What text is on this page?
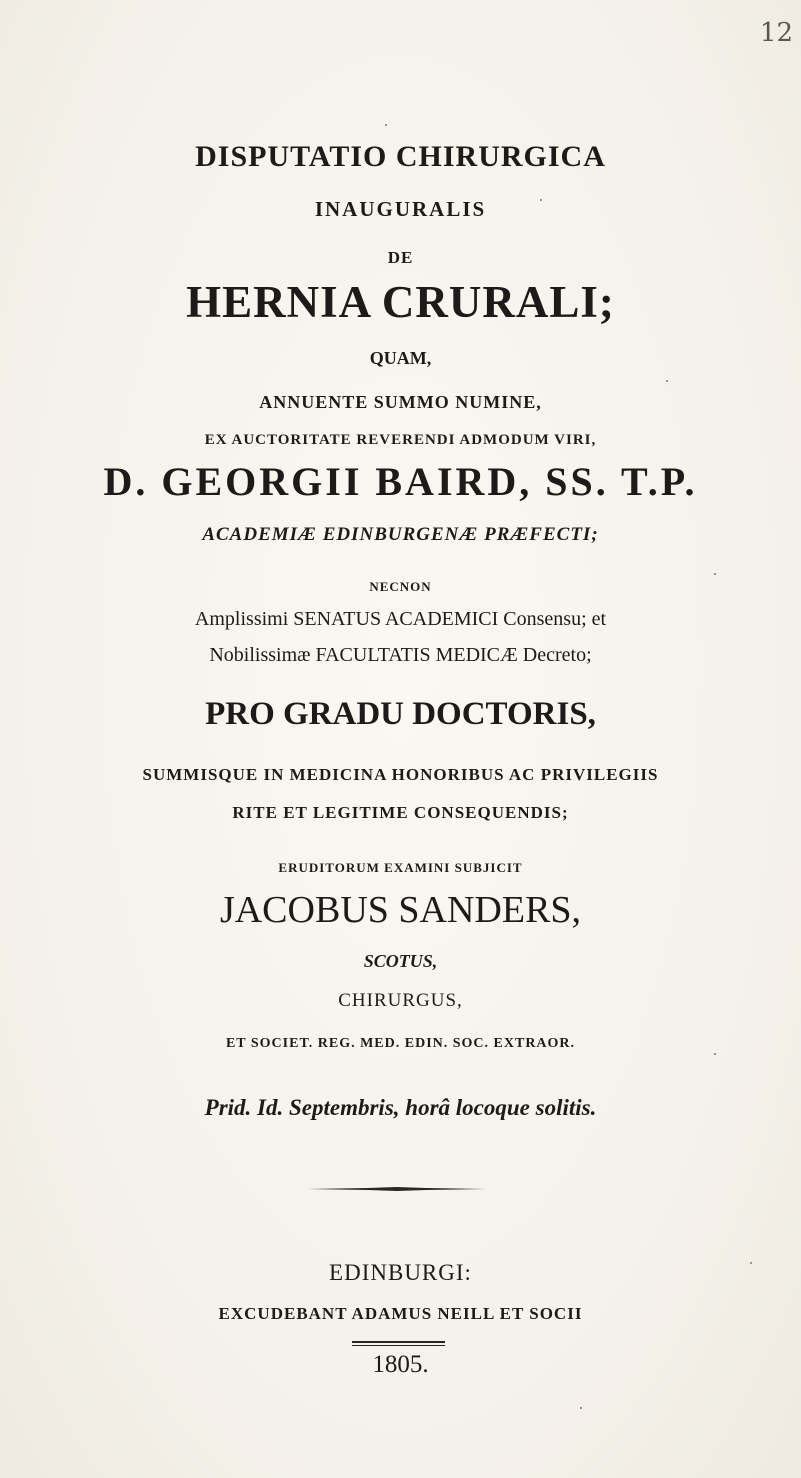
12
DISPUTATIO CHIRURGICA
INAUGURALIS
DE
HERNIA CRURALI;
QUAM,
ANNUENTE SUMMO NUMINE,
EX AUCTORITATE REVERENDI ADMODUM VIRI,
D. GEORGII BAIRD, SS. T.P.
ACADEMIÆ EDINBURGENÆ PRÆFECTI;
NECNON
Amplissimi SENATUS ACADEMICI Consensu; et
Nobilissimæ FACULTATIS MEDICÆ Decreto;
PRO GRADU DOCTORIS,
SUMMISQUE IN MEDICINA HONORIBUS AC PRIVILEGIIS
RITE ET LEGITIME CONSEQUENDIS;
ERUDITORUM EXAMINI SUBJICIT
JACOBUS SANDERS,
SCOTUS,
CHIRURGUS,
ET SOCIET. REG. MED. EDIN. SOC. EXTRAOR.
Prid. Id. Septembris, horâ locoque solitis.
EDINBURGI:
EXCUDEBANT ADAMUS NEILL ET SOCII
1805.
